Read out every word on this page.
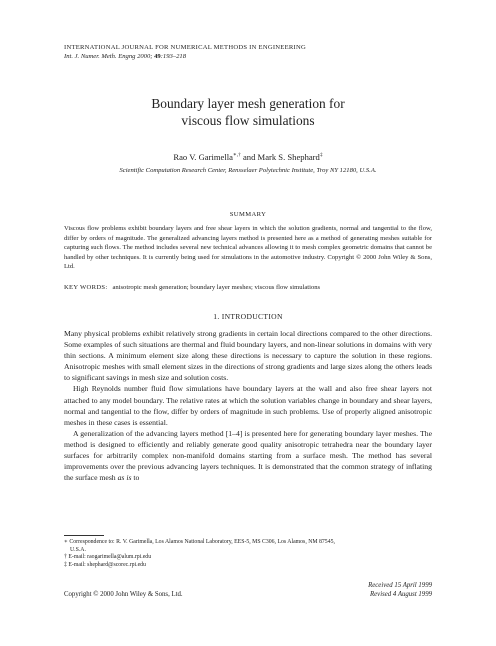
INTERNATIONAL JOURNAL FOR NUMERICAL METHODS IN ENGINEERING
Int. J. Numer. Meth. Engng 2000; 49:193–218
Boundary layer mesh generation for
viscous flow simulations
Rao V. Garimella∗,† and Mark S. Shephard‡
Scientific Computation Research Center, Rensselaer Polytechnic Institute, Troy NY 12180, U.S.A.
SUMMARY
Viscous flow problems exhibit boundary layers and free shear layers in which the solution gradients, normal and tangential to the flow, differ by orders of magnitude. The generalized advancing layers method is presented here as a method of generating meshes suitable for capturing such flows. The method includes several new technical advances allowing it to mesh complex geometric domains that cannot be handled by other techniques. It is currently being used for simulations in the automotive industry. Copyright © 2000 John Wiley & Sons, Ltd.
KEY WORDS: anisotropic mesh generation; boundary layer meshes; viscous flow simulations
1. INTRODUCTION

Many physical problems exhibit relatively strong gradients in certain local directions compared to the other directions. Some examples of such situations are thermal and fluid boundary layers, and non-linear solutions in domains with very thin sections. A minimum element size along these directions is necessary to capture the solution in these regions. Anisotropic meshes with small element sizes in the directions of strong gradients and large sizes along the others leads to significant savings in mesh size and solution costs.

High Reynolds number fluid flow simulations have boundary layers at the wall and also free shear layers not attached to any model boundary. The relative rates at which the solution variables change in boundary and shear layers, normal and tangential to the flow, differ by orders of magnitude in such problems. Use of properly aligned anisotropic meshes in these cases is essential.

A generalization of the advancing layers method [1–4] is presented here for generating boundary layer meshes. The method is designed to efficiently and reliably generate good quality anisotropic tetrahedra near the boundary layer surfaces for arbitrarily complex non-manifold domains starting from a surface mesh. The method has several improvements over the previous advancing layers techniques. It is demonstrated that the common strategy of inflating the surface mesh as is to

∗ Correspondence to: R. V. Garimella, Los Alamos National Laboratory, EES-5, MS C306, Los Alamos, NM 87545,

U.S.A.

† E-mail: raogarimella@alum.rpi.edu

‡ E-mail: shephard@scorec.rpi.edu

Received 15 April 1999
Revised 4 August 1999
Copyright © 2000 John Wiley & Sons, Ltd.
